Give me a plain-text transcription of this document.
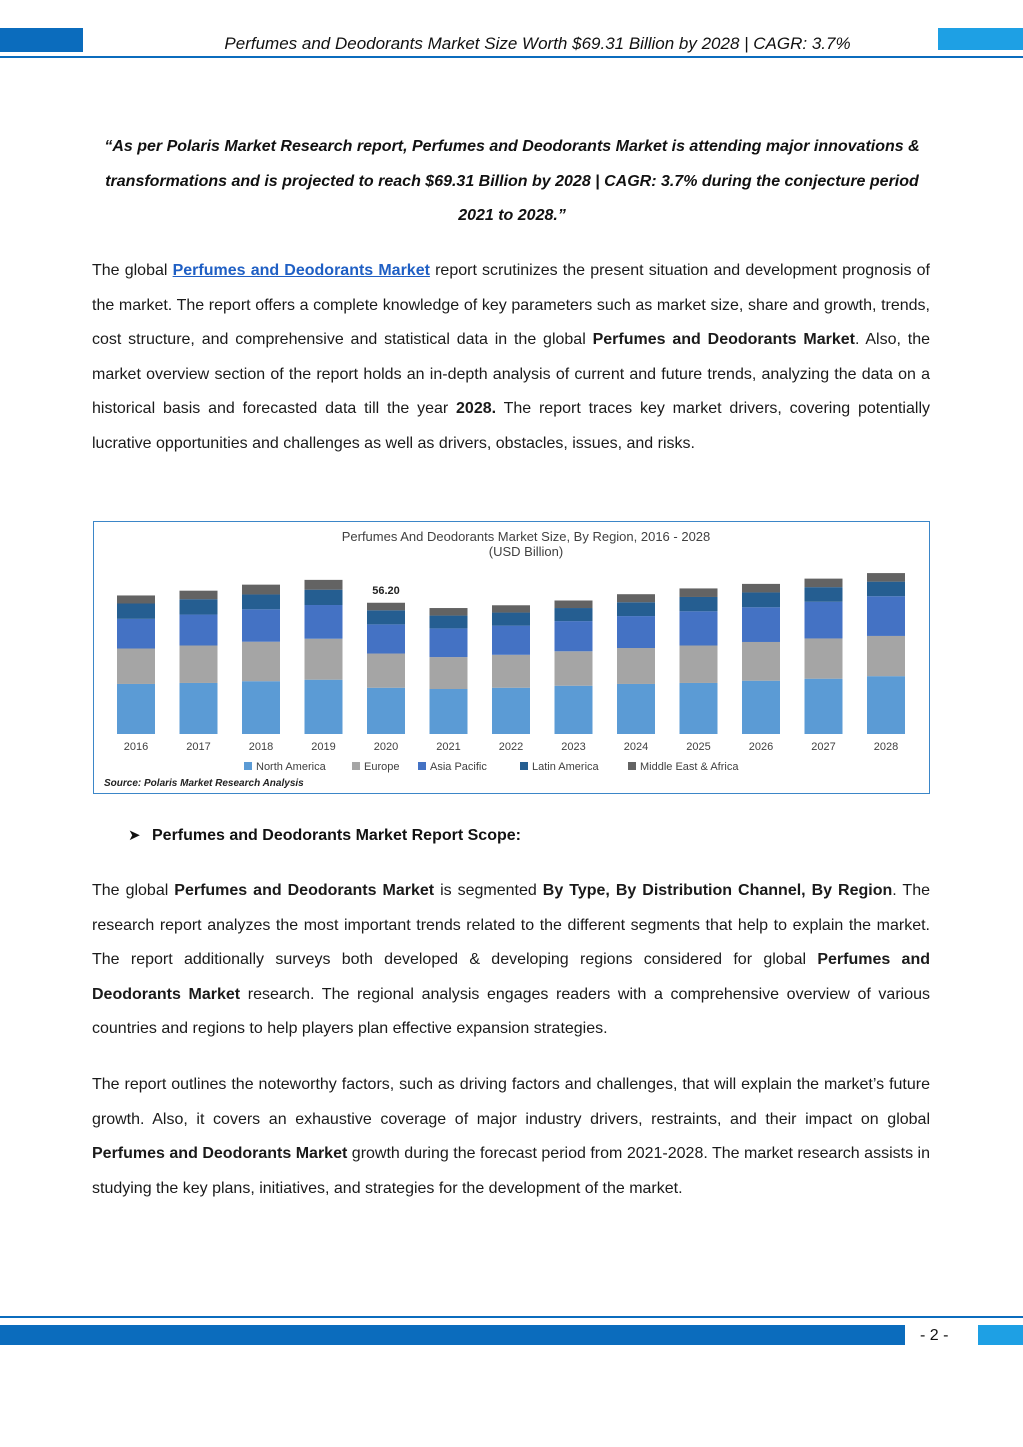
Perfumes and Deodorants Market Size Worth $69.31 Billion by 2028 | CAGR: 3.7%
“As per Polaris Market Research report, Perfumes and Deodorants Market is attending major innovations & transformations and is projected to reach $69.31 Billion by 2028 | CAGR: 3.7% during the conjecture period 2021 to 2028.”
The global Perfumes and Deodorants Market report scrutinizes the present situation and development prognosis of the market. The report offers a complete knowledge of key parameters such as market size, share and growth, trends, cost structure, and comprehensive and statistical data in the global Perfumes and Deodorants Market. Also, the market overview section of the report holds an in-depth analysis of current and future trends, analyzing the data on a historical basis and forecasted data till the year 2028. The report traces key market drivers, covering potentially lucrative opportunities and challenges as well as drivers, obstacles, issues, and risks.
Perfumes And Deodorants Market Size, By Region, 2016 - 2028
(USD Billion)
2016	2017	2018	2019	2020	2021	2022	2023	2024	2025	2026	2027	2028
56.20
North America	Europe	Asia Pacific	Latin America	Middle East & Africa
Source: Polaris Market Research Analysis
➤ Perfumes and Deodorants Market Report Scope:
The global Perfumes and Deodorants Market is segmented By Type, By Distribution Channel, By Region. The research report analyzes the most important trends related to the different segments that help to explain the market. The report additionally surveys both developed & developing regions considered for global Perfumes and Deodorants Market research. The regional analysis engages readers with a comprehensive overview of various countries and regions to help players plan effective expansion strategies.
The report outlines the noteworthy factors, such as driving factors and challenges, that will explain the market’s future growth. Also, it covers an exhaustive coverage of major industry drivers, restraints, and their impact on global Perfumes and Deodorants Market growth during the forecast period from 2021-2028. The market research assists in studying the key plans, initiatives, and strategies for the development of the market.
- 2 -
